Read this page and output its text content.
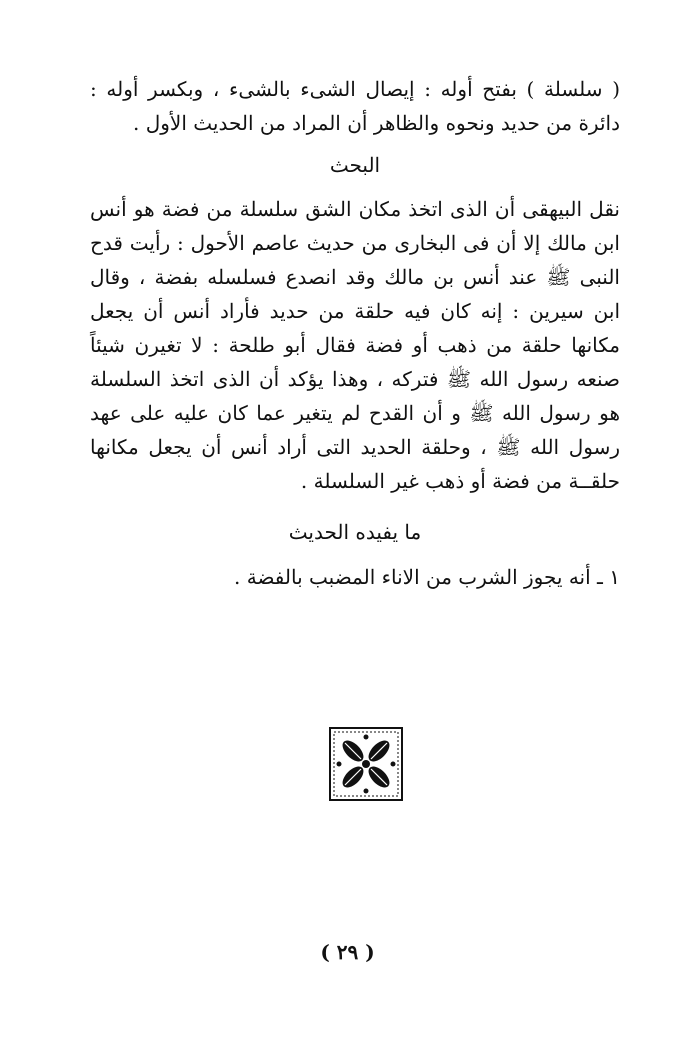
( سلسلة ) بفتح أوله : إيصال الشىء بالشىء ، وبكسر أوله : دائرة من حديد ونحوه والظاهر أن المراد من الحديث الأول .

البحث

نقل البيهقى أن الذى اتخذ مكان الشق سلسلة من فضة هو أنس ابن مالك إلا أن فى البخارى من حديث عاصم الأحول : رأيت قدح النبى ﷺ عند أنس بن مالك وقد انصدع فسلسله بفضة ، وقال ابن سيرين : إنه كان فيه حلقة من حديد فأراد أنس أن يجعل مكانها حلقة من ذهب أو فضة فقال أبو طلحة : لا تغيرن شيئاً صنعه رسول الله ﷺ فتركه ، وهذا يؤكد أن الذى اتخذ السلسلة هو رسول الله ﷺ و أن القدح لم يتغير عما كان عليه على عهد رسول الله ﷺ ، وحلقة الحديد التى أراد أنس أن يجعل مكانها حلقــة من فضة أو ذهب غير السلسلة .

ما يفيده الحديث
١ ـ أنه يجوز الشرب من الاناء المضبب بالفضة .
( ٢٩ )
